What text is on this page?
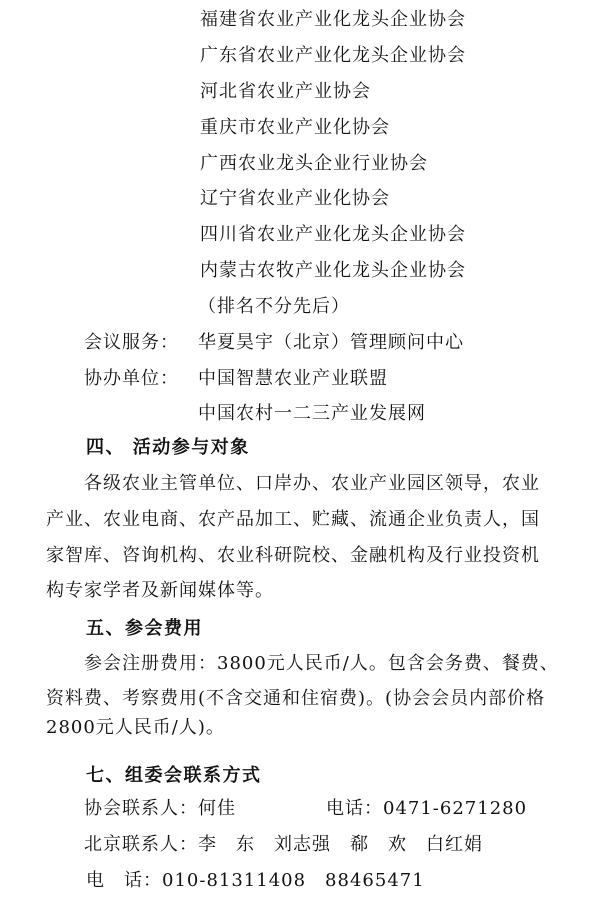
福建省农业产业化龙头企业协会
广东省农业产业化龙头企业协会
河北省农业产业协会
重庆市农业产业化协会
广西农业龙头企业行业协会
辽宁省农业产业化协会
四川省农业产业化龙头企业协会
内蒙古农牧产业化龙头企业协会
（排名不分先后）
会议服务： 华夏昊宇（北京）管理顾问中心
协办单位： 中国智慧农业产业联盟
中国农村一二三产业发展网
四、 活动参与对象
各级农业主管单位、口岸办、农业产业园区领导，农业
产业、农业电商、农产品加工、贮藏、流通企业负责人，国
家智库、咨询机构、农业科研院校、金融机构及行业投资机
构专家学者及新闻媒体等。
五、参会费用
参会注册费用：3800元人民币/人。包含会务费、餐费、
资料费、考察费用(不含交通和住宿费)。(协会会员内部价格
2800元人民币/人)。
七、组委会联系方式
协会联系人：何佳	电话：0471-6271280
北京联系人：李　东　刘志强　郗　欢　白红娟
电　话：010-81311408　88465471
